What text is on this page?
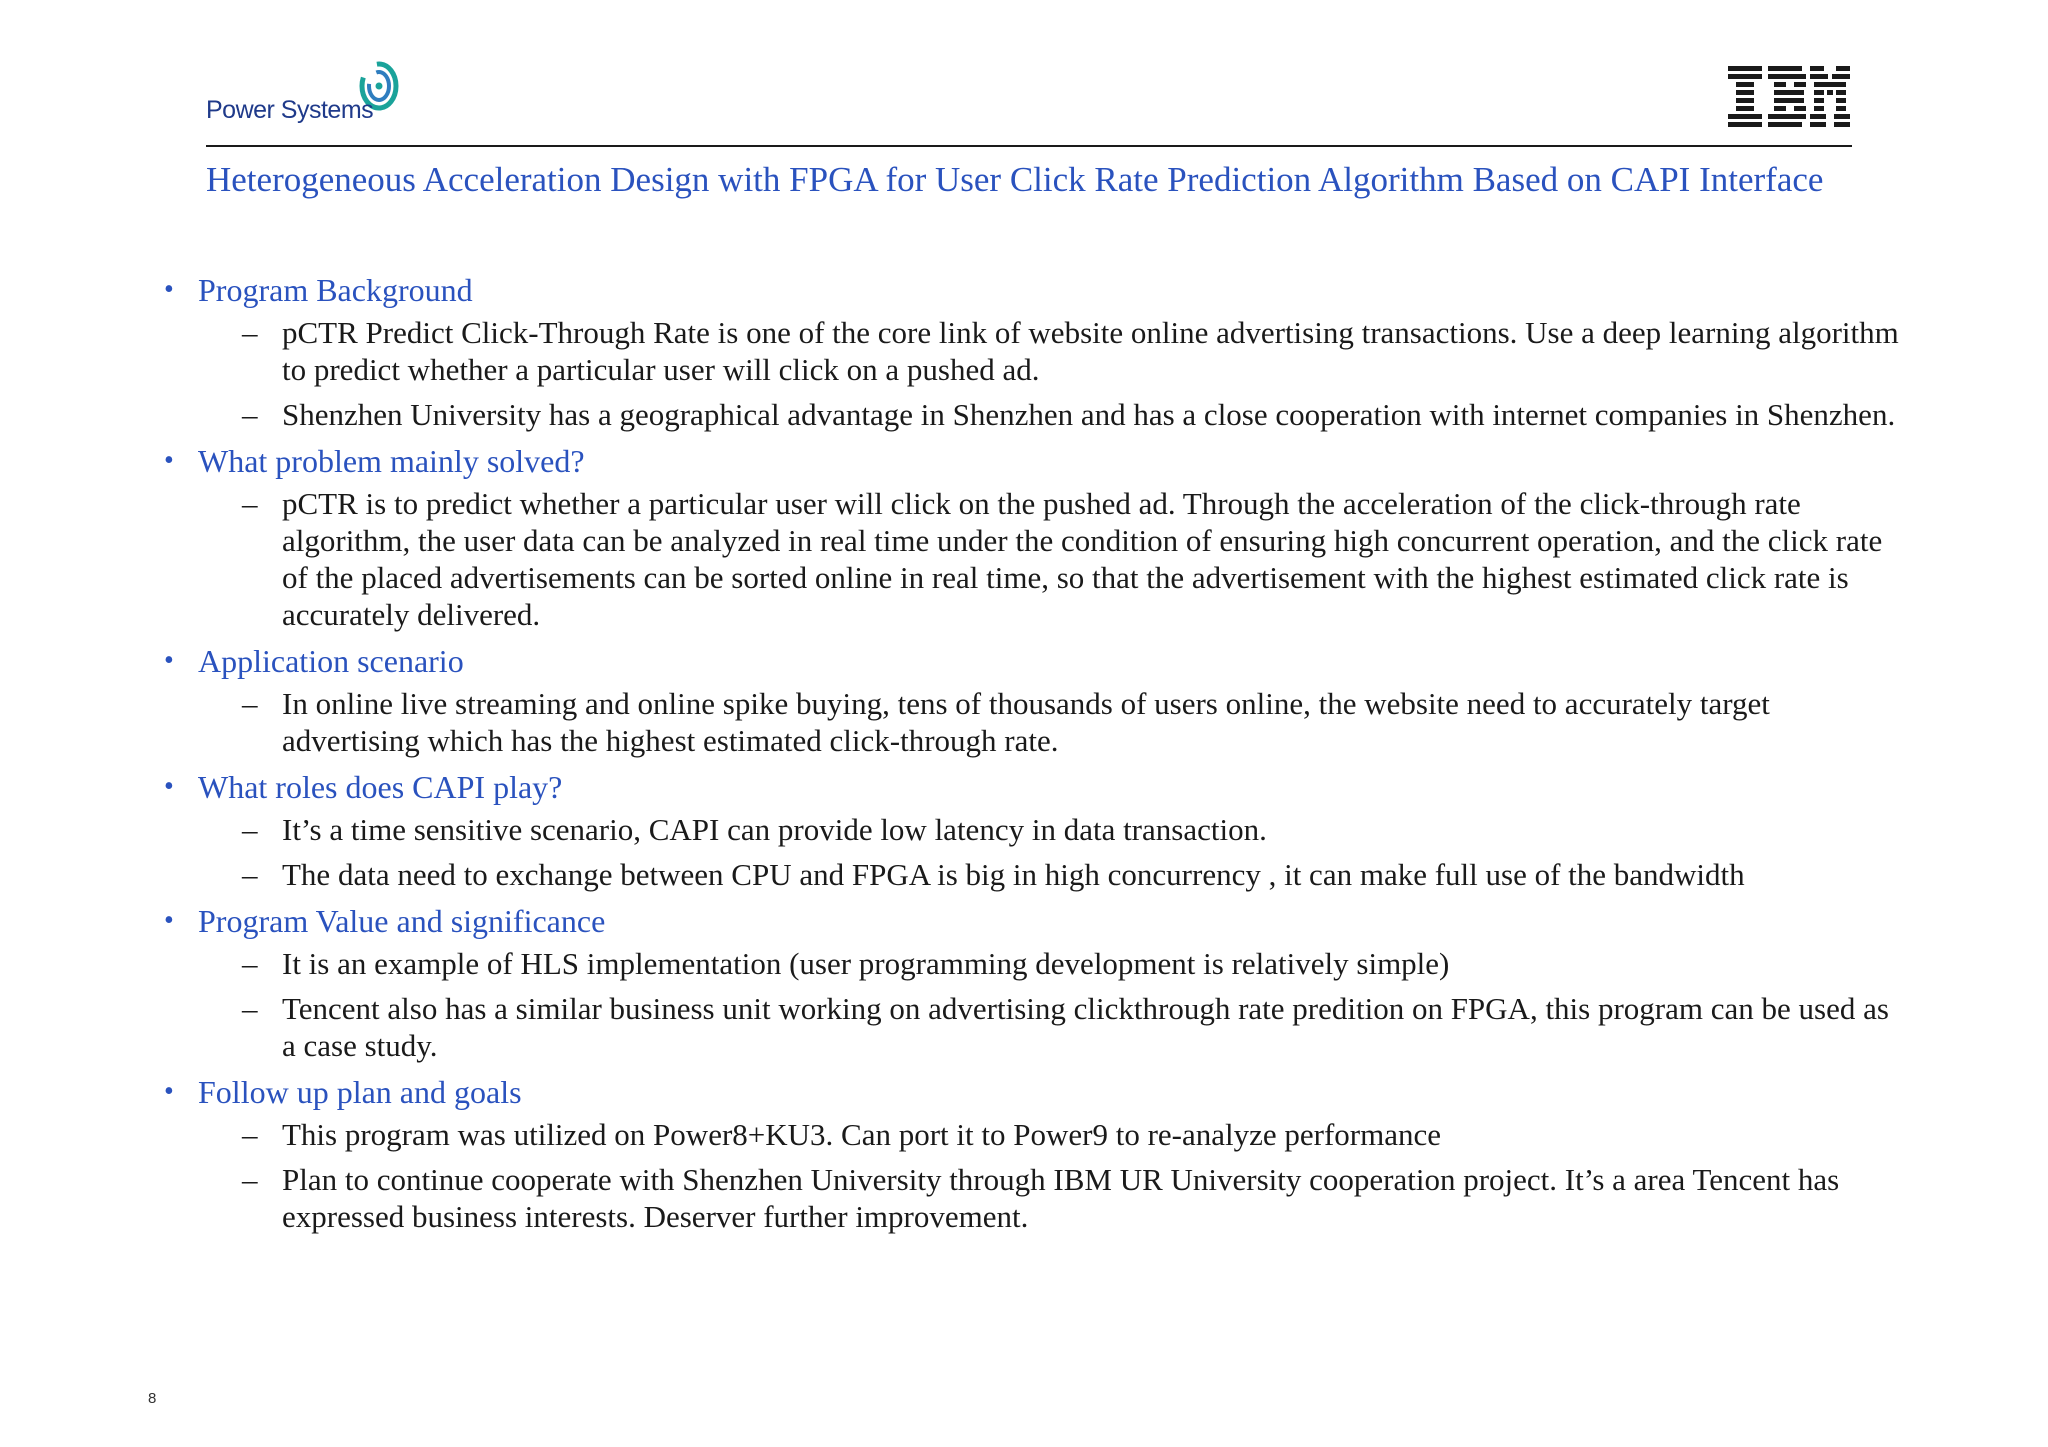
Power Systems
Heterogeneous Acceleration Design with FPGA for User Click Rate Prediction Algorithm Based on CAPI Interface
• Program Background
– pCTR Predict Click-Through Rate is one of the core link of website online advertising transactions. Use a deep learning algorithm to predict whether a particular user will click on a pushed ad.
– Shenzhen University has a geographical advantage in Shenzhen and has a close cooperation with internet companies in Shenzhen.
• What problem mainly solved?
– pCTR is to predict whether a particular user will click on the pushed ad. Through the acceleration of the click-through rate algorithm, the user data can be analyzed in real time under the condition of ensuring high concurrent operation, and the click rate of the placed advertisements can be sorted online in real time, so that the advertisement with the highest estimated click rate is accurately delivered.
• Application scenario
– In online live streaming and online spike buying, tens of thousands of users online, the website need to accurately target advertising which has the highest estimated click-through rate.
• What roles does CAPI play?
– It’s a time sensitive scenario, CAPI can provide low latency in data transaction.
– The data need to exchange between CPU and FPGA is big in high concurrency , it can make full use of the bandwidth
• Program Value and significance
– It is an example of HLS implementation (user programming development is relatively simple)
– Tencent also has a similar business unit working on advertising clickthrough rate predition on FPGA, this program can be used as a case study.
• Follow up plan and goals
– This program was utilized on Power8+KU3. Can port it to Power9 to re-analyze performance
– Plan to continue cooperate with Shenzhen University through IBM UR University cooperation project. It’s a area Tencent has expressed business interests. Deserver further improvement.
8
